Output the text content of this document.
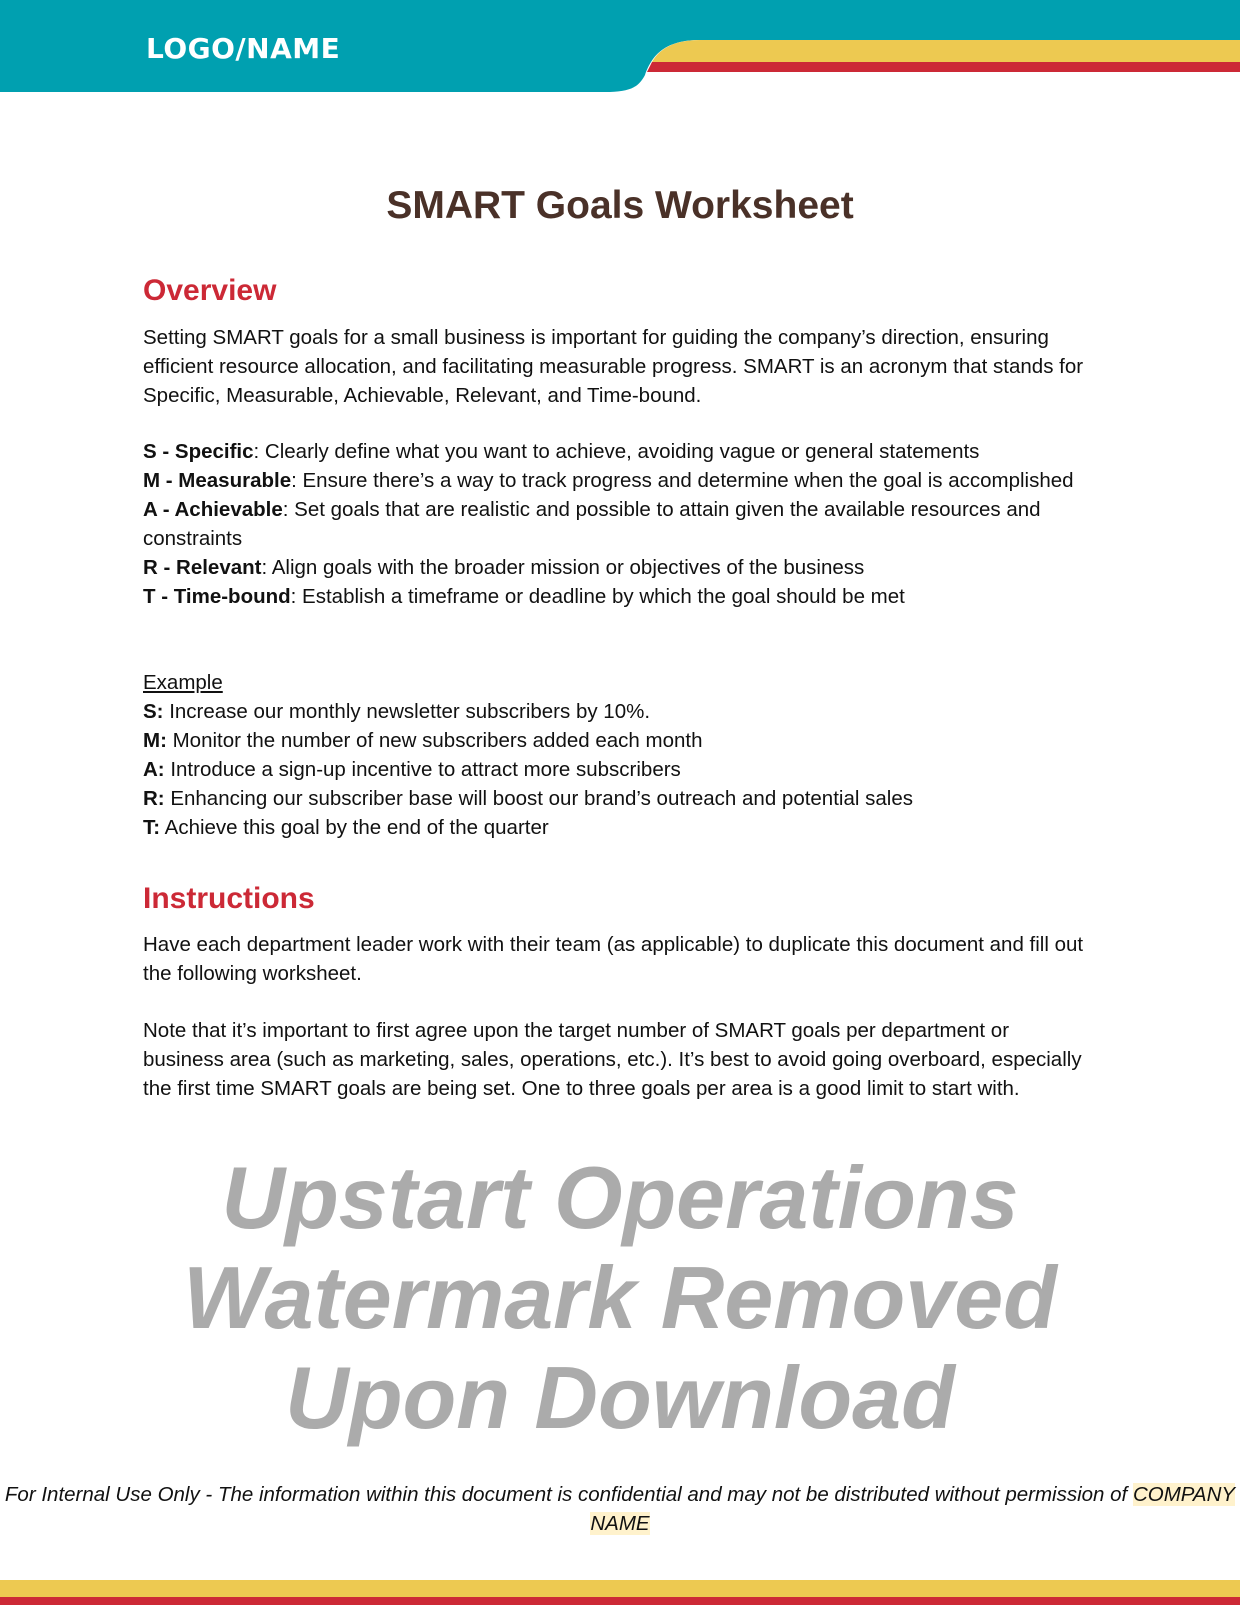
LOGO/NAME
SMART Goals Worksheet
Overview
Setting SMART goals for a small business is important for guiding the company’s direction, ensuring efficient resource allocation, and facilitating measurable progress. SMART is an acronym that stands for Specific, Measurable, Achievable, Relevant, and Time-bound.

S - Specific: Clearly define what you want to achieve, avoiding vague or general statements

M - Measurable: Ensure there’s a way to track progress and determine when the goal is accomplished

A - Achievable: Set goals that are realistic and possible to attain given the available resources and constraints

R - Relevant: Align goals with the broader mission or objectives of the business

T - Time-bound: Establish a timeframe or deadline by which the goal should be met

Example

S: Increase our monthly newsletter subscribers by 10%.

M: Monitor the number of new subscribers added each month

A: Introduce a sign-up incentive to attract more subscribers

R: Enhancing our subscriber base will boost our brand’s outreach and potential sales

T: Achieve this goal by the end of the quarter

Instructions
Have each department leader work with their team (as applicable) to duplicate this document and fill out the following worksheet.
Note that it’s important to first agree upon the target number of SMART goals per department or business area (such as marketing, sales, operations, etc.). It’s best to avoid going overboard, especially the first time SMART goals are being set. One to three goals per area is a good limit to start with.
Upstart Operations
Watermark Removed
Upon Download
For Internal Use Only - The information within this document is confidential and may not be distributed without permission of COMPANY NAME
